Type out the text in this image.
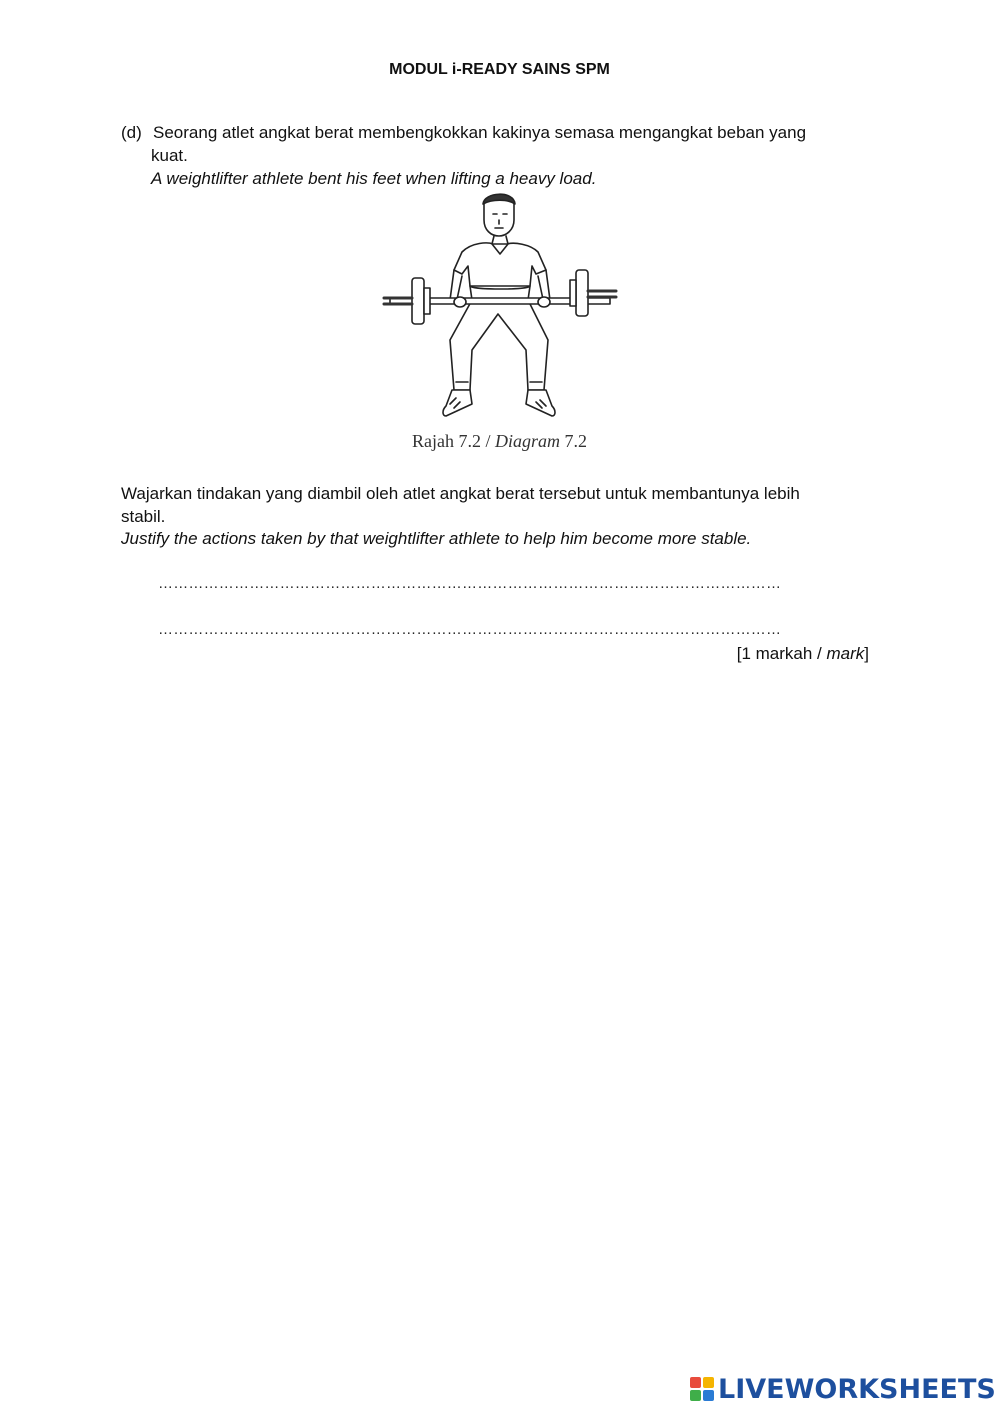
MODUL i-READY SAINS SPM
(d) Seorang atlet angkat berat membengkokkan kakinya semasa mengangkat beban yang
kuat.
A weightlifter athlete bent his feet when lifting a heavy load.
Rajah 7.2 / Diagram 7.2
Wajarkan tindakan yang diambil oleh atlet angkat berat tersebut untuk membantunya lebih
stabil.
Justify the actions taken by that weightlifter athlete to help him become more stable.
……………………………………………………………………………………………………………
……………………………………………………………………………………………………………
[1 markah / mark]
LIVEWORKSHEETS
